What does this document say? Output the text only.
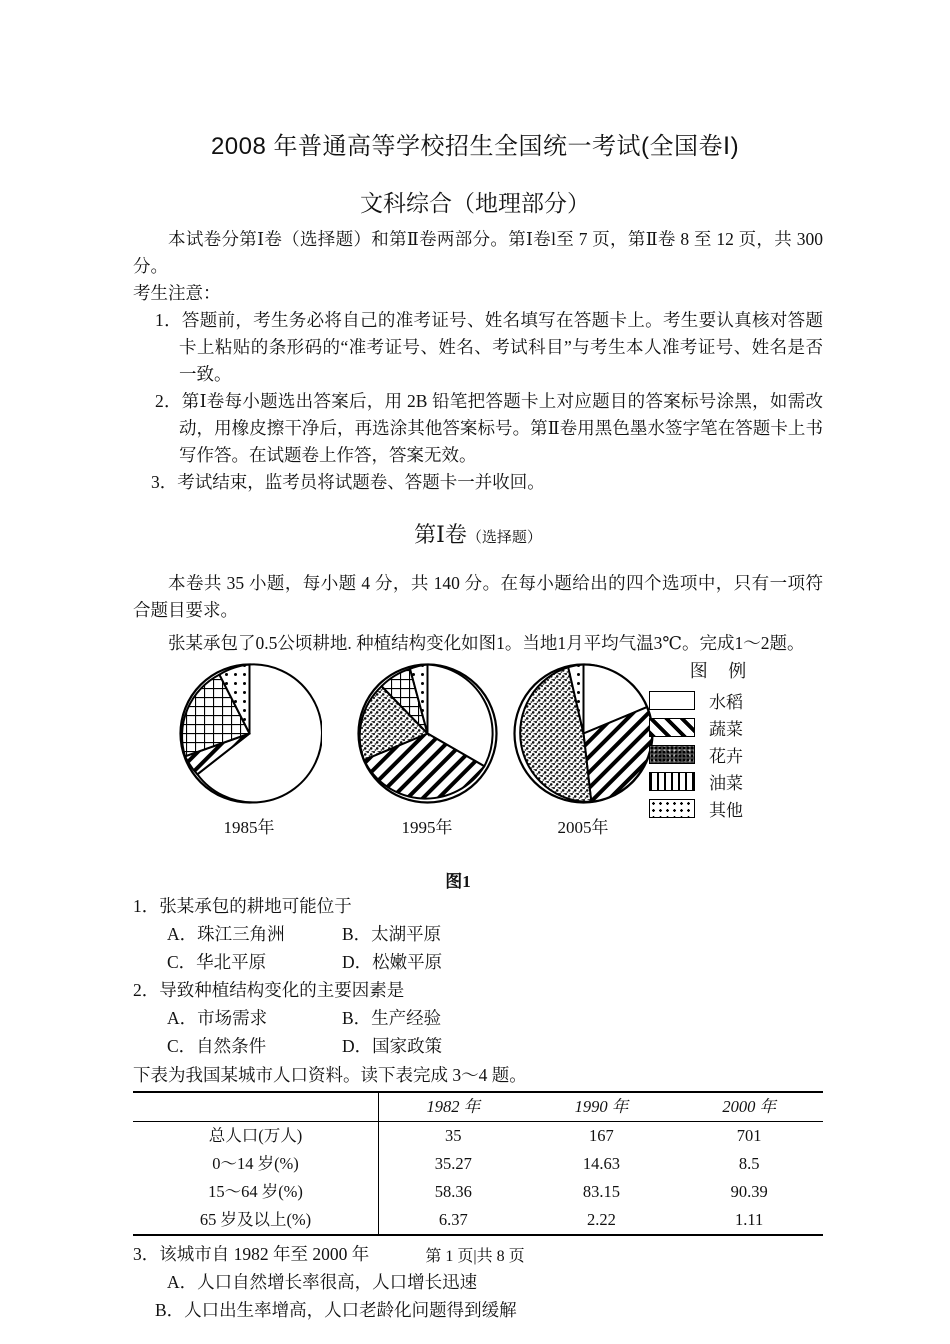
2008 年普通高等学校招生全国统一考试(全国卷Ⅰ)
文科综合（地理部分）

本试卷分第Ⅰ卷（选择题）和第Ⅱ卷两部分。第Ⅰ卷l至 7 页，第Ⅱ卷 8 至 12 页，共 300 分。

考生注意：

1．答题前，考生务必将自己的准考证号、姓名填写在答题卡上。考生要认真核对答题卡上粘贴的条形码的“准考证号、姓名、考试科目”与考生本人准考证号、姓名是否一致。
2．第Ⅰ卷每小题选出答案后，用 2B 铅笔把答题卡上对应题目的答案标号涂黑，如需改动，用橡皮擦干净后，再选涂其他答案标号。第Ⅱ卷用黑色墨水签字笔在答题卡上书写作答。在试题卷上作答，答案无效。
3．考试结束，监考员将试题卷、答题卡一并收回。

第Ⅰ卷（选择题）

本卷共 35 小题，每小题 4 分，共 140 分。在每小题给出的四个选项中，只有一项符合题目要求。

张某承包了0.5公顷耕地. 种植结构变化如图1。当地1月平均气温3℃。完成1～2题。

1985年	1995年	2005年
图 例
水稻
蔬菜
花卉
油菜
其他
图1

1．张某承包的耕地可能位于

A．珠江三角洲	B．太湖平原
C．华北平原	D．松嫩平原

2．导致种植结构变化的主要因素是

A．市场需求	B．生产经验
C．自然条件	D．国家政策

下表为我国某城市人口资料。读下表完成 3～4 题。

	1982 年	1990 年	2000 年
总人口(万人)	35	167	701
0～14 岁(%)	35.27	14.63	8.5
15～64 岁(%)	58.36	83.15	90.39
65 岁及以上(%)	6.37	2.22	1.11

3．该城市自 1982 年至 2000 年

A．人口自然增长率很高，人口增长迅速

B．人口出生率增高，人口老龄化问题得到缓解

第 1 页|共 8 页
